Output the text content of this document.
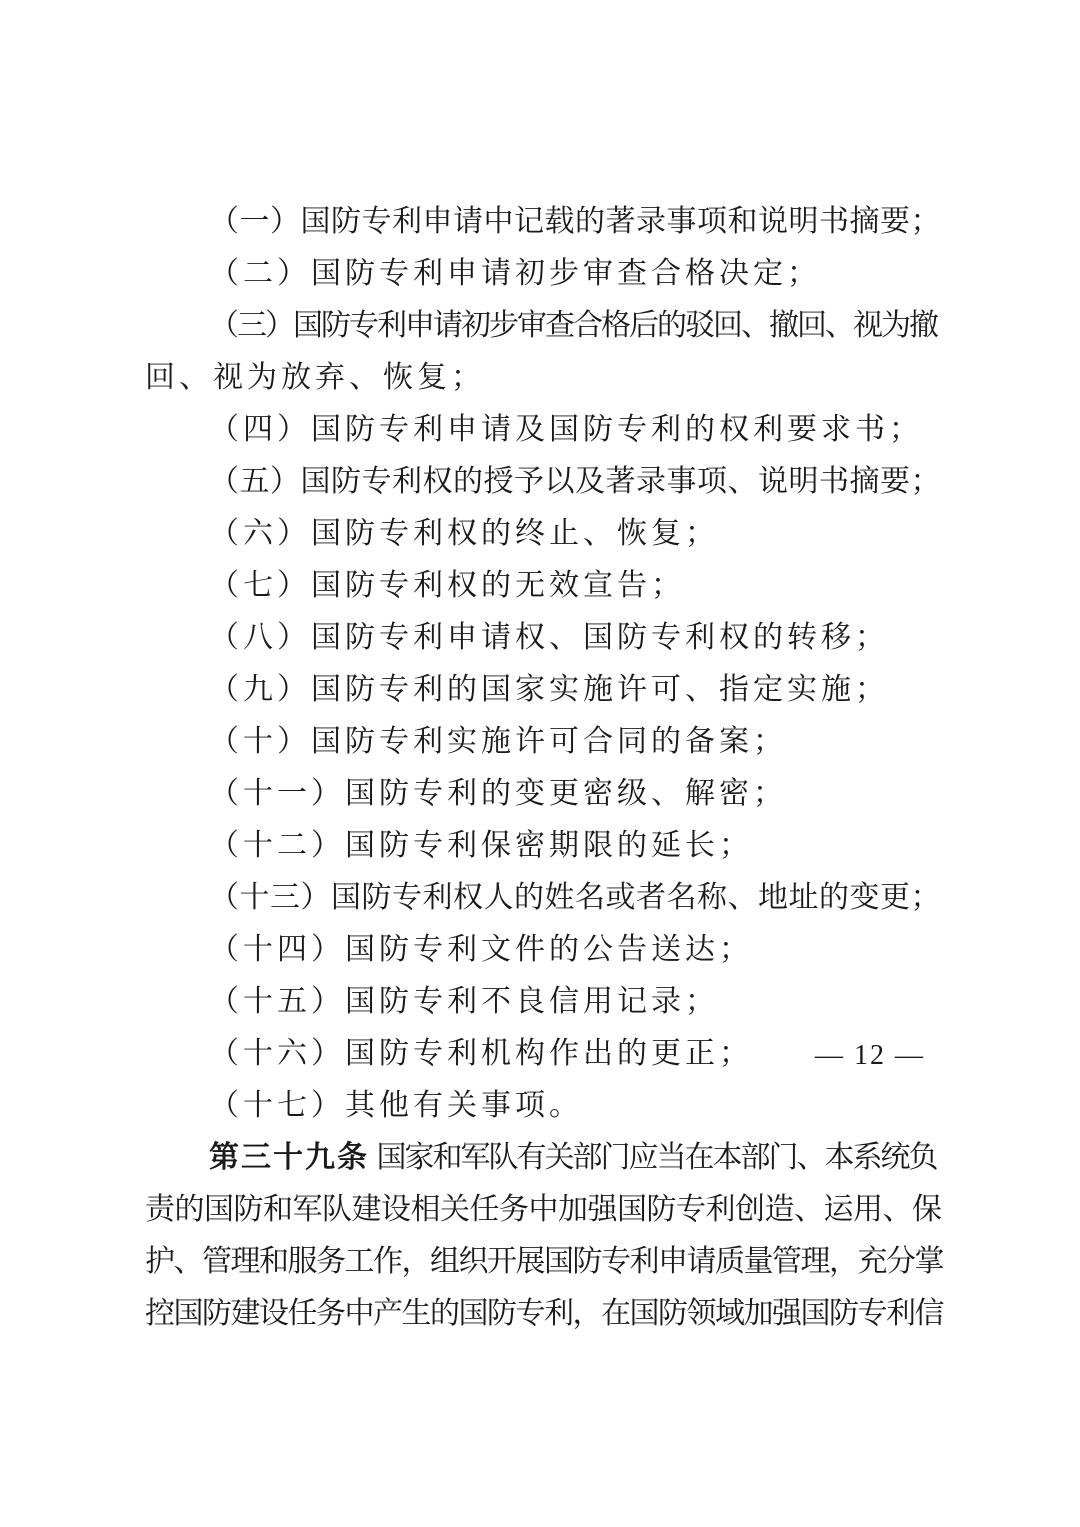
（一）国防专利申请中记载的著录事项和说明书摘要；
（二）国防专利申请初步审查合格决定；
（三）国防专利申请初步审查合格后的驳回、撤回、视为撤
回、视为放弃、恢复；
（四）国防专利申请及国防专利的权利要求书；
（五）国防专利权的授予以及著录事项、说明书摘要；
（六）国防专利权的终止、恢复；
（七）国防专利权的无效宣告；
（八）国防专利申请权、国防专利权的转移；
（九）国防专利的国家实施许可、指定实施；
（十）国防专利实施许可合同的备案；
（十一）国防专利的变更密级、解密；
（十二）国防专利保密期限的延长；
（十三）国防专利权人的姓名或者名称、地址的变更；
（十四）国防专利文件的公告送达；
（十五）国防专利不良信用记录；
（十六）国防专利机构作出的更正；
（十七）其他有关事项。
第三十九条 国家和军队有关部门应当在本部门、本系统负
责的国防和军队建设相关任务中加强国防专利创造、运用、保
护、管理和服务工作，组织开展国防专利申请质量管理，充分掌
控国防建设任务中产生的国防专利，在国防领域加强国防专利信
— 12 —
